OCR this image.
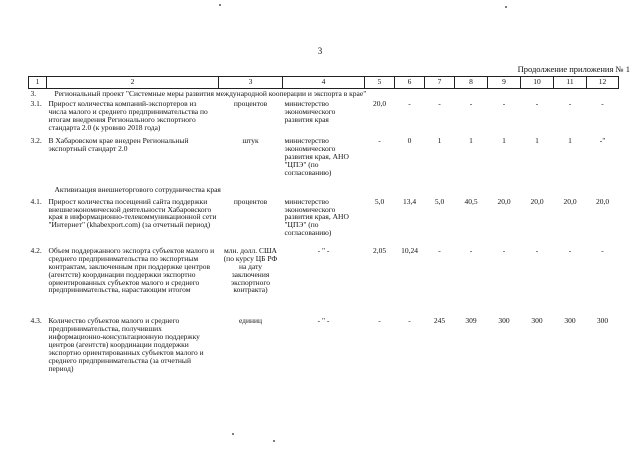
3
Продолжение приложения № 1
1	2	3	4	5	6	7	8	9	10	11	12
3.	Региональный проект "Системные меры развития международной кооперации и экспорта в крае"										
3.1.	Прирост количества компаний-экспортеров из числа малого и среднего предпринимательства по итогам внедрения Регионального экспортного стандарта 2.0 (к уровню 2018 года)	процентов	министерство экономического развития края	20,0	-	-	-	-	-	-	-
3.2.	В Хабаровском крае внедрен Региональный экспортный стандарт 2.0	штук	министерство экономического развития края, АНО "ЦПЭ" (по согласованию)	-	0	1	1	1	1	1	-"
	Активизация внешнеторгового сотрудничества края										
4.1.	Прирост количества посещений сайта поддержки внешнеэкономической деятельности Хабаровского края в информационно-телекоммуникационной сети "Интернет" (khabexport.com) (за отчетный период)	процентов	министерство экономического развития края, АНО "ЦПЭ" (по согласованию)	5,0	13,4	5,0	40,5	20,0	20,0	20,0	20,0
4.2.	Объем поддержанного экспорта субъектов малого и среднего предпринимательства по экспортным контрактам, заключенным при поддержке центров (агентств) координации поддержки экспортно ориентированных субъектов малого и среднего предпринимательства, нарастающим итогом	млн. долл. США (по курсу ЦБ РФ на дату заключения экспортного контракта)	- " -	2,05	10,24	-	-	-	-	-	-
4.3.	Количество субъектов малого и среднего предпринимательства, получивших информационно-консультационную поддержку центров (агентств) координации поддержки экспортно ориентированных субъектов малого и среднего предпринимательства (за отчетный период)	единиц	- " -	-	-	245	309	300	300	300	300
